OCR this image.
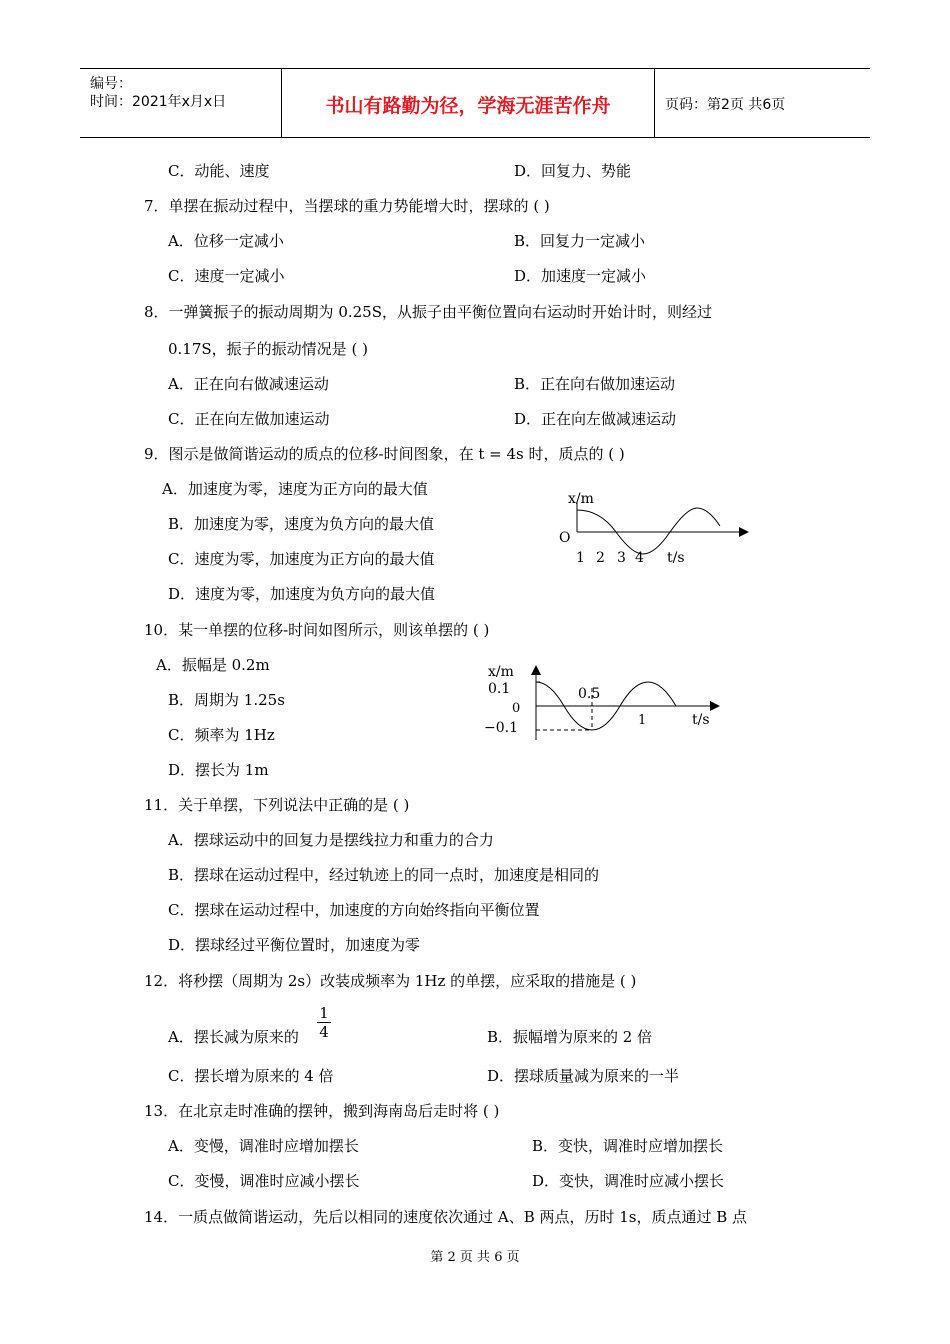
编号：
时间：2021年x月x日	书山有路勤为径，学海无涯苦作舟	页码：第2页 共6页
C．动能、速度	D．回复力、势能
7．单摆在振动过程中，当摆球的重力势能增大时，摆球的 ( )
A．位移一定减小	B．回复力一定减小
C．速度一定减小	D．加速度一定减小
8．一弹簧振子的振动周期为 0.25S，从振子由平衡位置向右运动时开始计时，则经过
0.17S，振子的振动情况是 ( )
A．正在向右做减速运动	B．正在向右做加速运动
C．正在向左做加速运动	D．正在向左做减速运动
9．图示是做简谐运动的质点的位移-时间图象，在 t = 4s 时，质点的 ( )
A．加速度为零，速度为正方向的最大值
B．加速度为零，速度为负方向的最大值
C．速度为零，加速度为正方向的最大值
D．速度为零，加速度为负方向的最大值
x/m
O
1 2 3 4 t/s
10．某一单摆的位移-时间如图所示，则该单摆的 ( )
A．振幅是 0.2m
B．周期为 1.25s
C．频率为 1Hz
D．摆长为 1m
x/m
0.1
0
−0.1
0.5
1	t/s
11．关于单摆，下列说法中正确的是 ( )
A．摆球运动中的回复力是摆线拉力和重力的合力
B．摆球在运动过程中，经过轨迹上的同一点时，加速度是相同的
C．摆球在运动过程中，加速度的方向始终指向平衡位置
D．摆球经过平衡位置时，加速度为零
12．将秒摆（周期为 2s）改装成频率为 1Hz 的单摆，应采取的措施是 ( )
A．摆长减为原来的
1
4	B．振幅增为原来的 2 倍
C．摆长增为原来的 4 倍	D．摆球质量减为原来的一半
13．在北京走时准确的摆钟，搬到海南岛后走时将 ( )
A．变慢，调准时应增加摆长	B．变快，调准时应增加摆长
C．变慢，调准时应减小摆长	D．变快，调准时应减小摆长
14．一质点做简谐运动，先后以相同的速度依次通过 A、B 两点，历时 1s，质点通过 B 点
第 2 页 共 6 页
